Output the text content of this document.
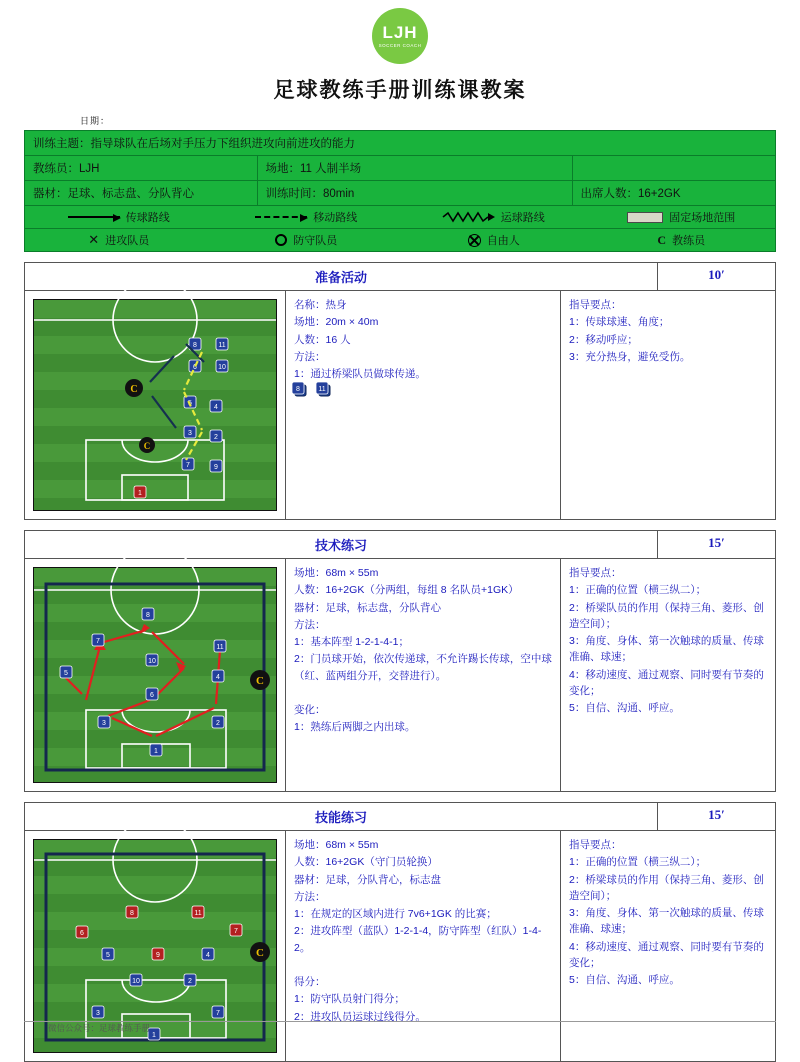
LJH
SOCCER COACH
足球教练手册训练课教案
日期：
训练主题：指导球队在后场对手压力下组织进攻向前进攻的能力
教练员：LJH	场地：11 人制半场
器材：足球、标志盘、分队背心	训练时间：80min	出席人数：16+2GK
传球路线	移动路线	运球路线	固定场地范围
✕ 进攻队员	防守队员	自由人	C 教练员
准备活动	10′
8	11
8	11
6	10
5
4
3
2
7	9
1
C
C

名称：热身

场地：20m × 40m

人数：16 人

方法：

1：通过桥梁队员做球传递。

指导要点：

1：传球球速、角度；

2：移动呼应；

3：充分热身，避免受伤。

技术练习	15′
8
11
7
10
5
4
6
3	2
1
C

场地：68m × 55m

人数：16+2GK（分两组，每组 8 名队员+1GK）

器材：足球，标志盘，分队背心

方法：

1：基本阵型 1-2-1-4-1；

2：门员球开始，依次传递球，不允许踢长传球，空中球（红、蓝两组分开，交替进行）。

变化：

1：熟练后两脚之内出球。

指导要点：

1：正确的位置（横三纵二）；

2：桥梁队员的作用（保持三角、菱形、创造空间）；

3：角度、身体、第一次触球的质量、传球准确、球速；

4：移动速度、通过观察、同时要有节奏的变化；

5：自信、沟通、呼应。

技能练习	15′
8	11
6	7
5	9	4
10	2
3	7
1
C

场地：68m × 55m

人数：16+2GK（守门员轮换）

器材：足球，分队背心，标志盘

方法：

1：在规定的区域内进行 7v6+1GK 的比赛；

2：进攻阵型（蓝队）1-2-1-4，防守阵型（红队）1-4-2。

得分：

1：防守队员射门得分；

2：进攻队员运球过线得分。

指导要点：

1：正确的位置（横三纵二）；

2：桥梁球员的作用（保持三角、菱形、创造空间）；

3：角度、身体、第一次触球的质量、传球准确、球速；

4：移动速度、通过观察、同时要有节奏的变化；

5：自信、沟通、呼应。

微信公众号：足球教练手册
